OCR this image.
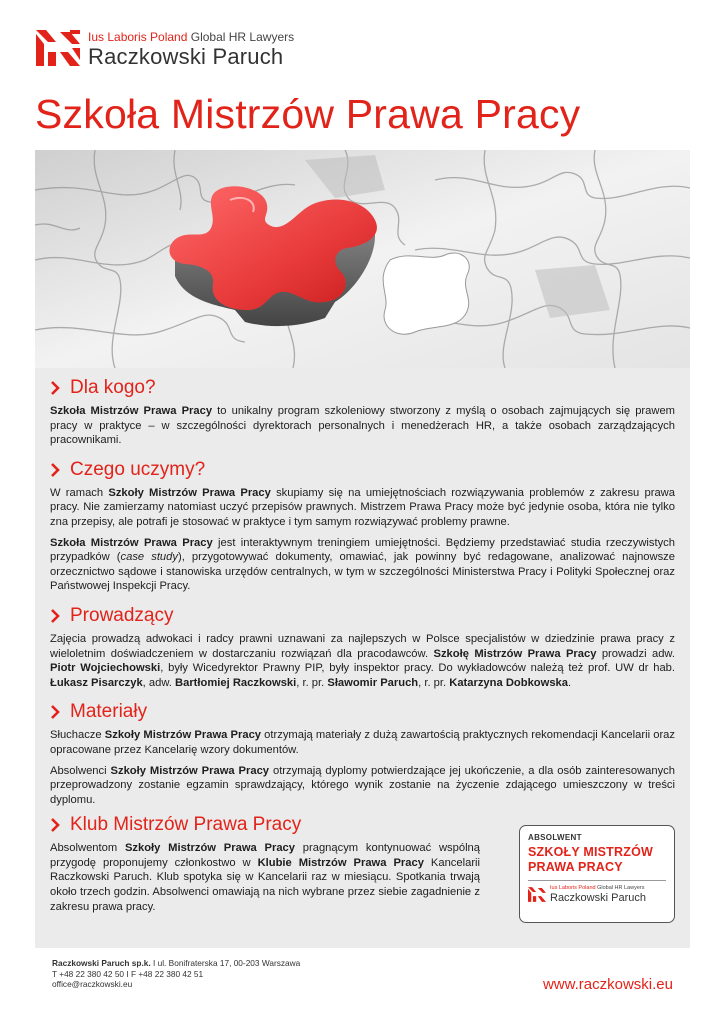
Ius Laboris Poland Global HR Lawyers
Raczkowski Paruch
Szkoła Mistrzów Prawa Pracy
Dla kogo?

Szkoła Mistrzów Prawa Pracy to unikalny program szkoleniowy stworzony z myślą o osobach zajmujących się prawem pracy w praktyce – w szczególności dyrektorach personalnych i menedżerach HR, a także osobach zarządzających pracownikami.

Czego uczymy?

W ramach Szkoły Mistrzów Prawa Pracy skupiamy się na umiejętnościach rozwiązywania problemów z zakresu prawa pracy. Nie zamierzamy natomiast uczyć przepisów prawnych. Mistrzem Prawa Pracy może być jedynie osoba, która nie tylko zna przepisy, ale potrafi je stosować w praktyce i tym samym rozwiązywać problemy prawne.

Szkoła Mistrzów Prawa Pracy jest interaktywnym treningiem umiejętności. Będziemy przedstawiać studia rzeczywistych przypadków (case study), przygotowywać dokumenty, omawiać, jak powinny być redagowane, analizować najnowsze orzecznictwo sądowe i stanowiska urzędów centralnych, w tym w szczególności Ministerstwa Pracy i Polityki Społecznej oraz Państwowej Inspekcji Pracy.

Prowadzący

Zajęcia prowadzą adwokaci i radcy prawni uznawani za najlepszych w Polsce specjalistów w dziedzinie prawa pracy z wieloletnim doświadczeniem w dostarczaniu rozwiązań dla pracodawców. Szkołę Mistrzów Prawa Pracy prowadzi adw. Piotr Wojciechowski, były Wicedyrektor Prawny PIP, były inspektor pracy. Do wykładowców należą też prof. UW dr hab. Łukasz Pisarczyk, adw. Bartłomiej Raczkowski, r. pr. Sławomir Paruch, r. pr. Katarzyna Dobkowska.

Materiały

Słuchacze Szkoły Mistrzów Prawa Pracy otrzymają materiały z dużą zawartością praktycznych rekomendacji Kancelarii oraz opracowane przez Kancelarię wzory dokumentów.

Absolwenci Szkoły Mistrzów Prawa Pracy otrzymają dyplomy potwierdzające jej ukończenie, a dla osób zainteresowanych przeprowadzony zostanie egzamin sprawdzający, którego wynik zostanie na życzenie zdającego umieszczony w treści dyplomu.

Klub Mistrzów Prawa Pracy

Absolwentom Szkoły Mistrzów Prawa Pracy pragnącym kontynuować wspólną przygodę proponujemy członkostwo w Klubie Mistrzów Prawa Pracy Kancelarii Raczkowski Paruch. Klub spotyka się w Kancelarii raz w miesiącu. Spotkania trwają około trzech godzin. Absolwenci omawiają na nich wybrane przez siebie zagadnienie z zakresu prawa pracy.

ABSOLWENT
SZKOŁY MISTRZÓW
PRAWA PRACY
Ius Laboris Poland Global HR Lawyers
Raczkowski Paruch
Raczkowski Paruch sp.k. I ul. Bonifraterska 17, 00-203 Warszawa
T +48 22 380 42 50 I F +48 22 380 42 51
office@raczkowski.eu	www.raczkowski.eu
